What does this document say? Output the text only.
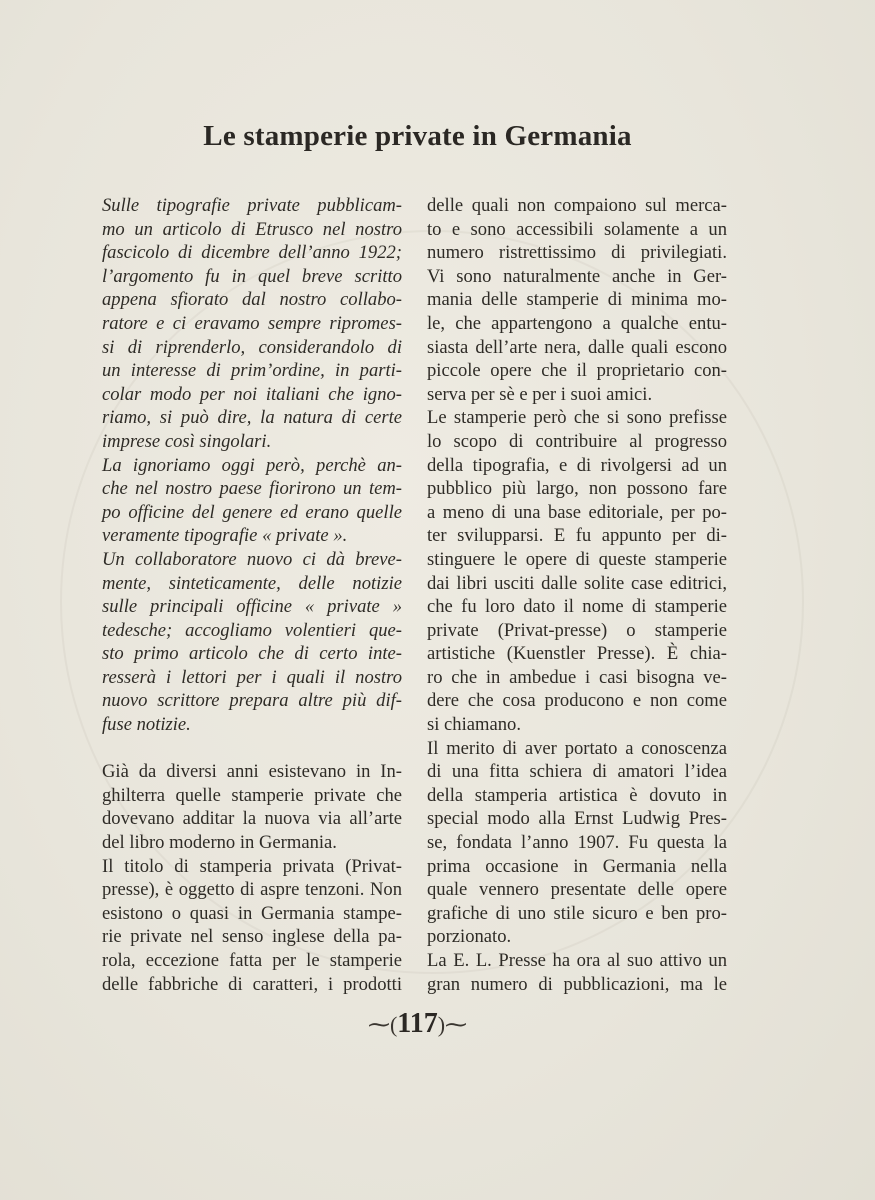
Le stamperie private in Germania
Sulle tipografie private pubblicam-
mo un articolo di Etrusco nel nostro
fascicolo di dicembre dell’anno 1922;
l’argomento fu in quel breve scritto
appena sfiorato dal nostro collabo-
ratore e ci eravamo sempre ripromes-
si di riprenderlo, considerandolo di
un interesse di prim’ordine, in parti-
colar modo per noi italiani che igno-
riamo, si può dire, la natura di certe
imprese così singolari.
La ignoriamo oggi però, perchè an-
che nel nostro paese fiorirono un tem-
po officine del genere ed erano quelle
veramente tipografie « private ».
Un collaboratore nuovo ci dà breve-
mente, sinteticamente, delle notizie
sulle principali officine « private »
tedesche; accogliamo volentieri que-
sto primo articolo che di certo inte-
resserà i lettori per i quali il nostro
nuovo scrittore prepara altre più dif-
fuse notizie.
Già da diversi anni esistevano in In-
ghilterra quelle stamperie private che
dovevano additar la nuova via all’arte
del libro moderno in Germania.
Il titolo di stamperia privata (Privat-
presse), è oggetto di aspre tenzoni. Non
esistono o quasi in Germania stampe-
rie private nel senso inglese della pa-
rola, eccezione fatta per le stamperie
delle fabbriche di caratteri, i prodotti
delle quali non compaiono sul merca-
to e sono accessibili solamente a un
numero ristrettissimo di privilegiati.
Vi sono naturalmente anche in Ger-
mania delle stamperie di minima mo-
le, che appartengono a qualche entu-
siasta dell’arte nera, dalle quali escono
piccole opere che il proprietario con-
serva per sè e per i suoi amici.
Le stamperie però che si sono prefisse
lo scopo di contribuire al progresso
della tipografia, e di rivolgersi ad un
pubblico più largo, non possono fare
a meno di una base editoriale, per po-
ter svilupparsi. E fu appunto per di-
stinguere le opere di queste stamperie
dai libri usciti dalle solite case editrici,
che fu loro dato il nome di stamperie
private (Privat-presse) o stamperie
artistiche (Kuenstler Presse). È chia-
ro che in ambedue i casi bisogna ve-
dere che cosa producono e non come
si chiamano.
Il merito di aver portato a conoscenza
di una fitta schiera di amatori l’idea
della stamperia artistica è dovuto in
special modo alla Ernst Ludwig Pres-
se, fondata l’anno 1907. Fu questa la
prima occasione in Germania nella
quale vennero presentate delle opere
grafiche di uno stile sicuro e ben pro-
porzionato.
La E. L. Presse ha ora al suo attivo un
gran numero di pubblicazioni, ma le
⁓(117)⁓
